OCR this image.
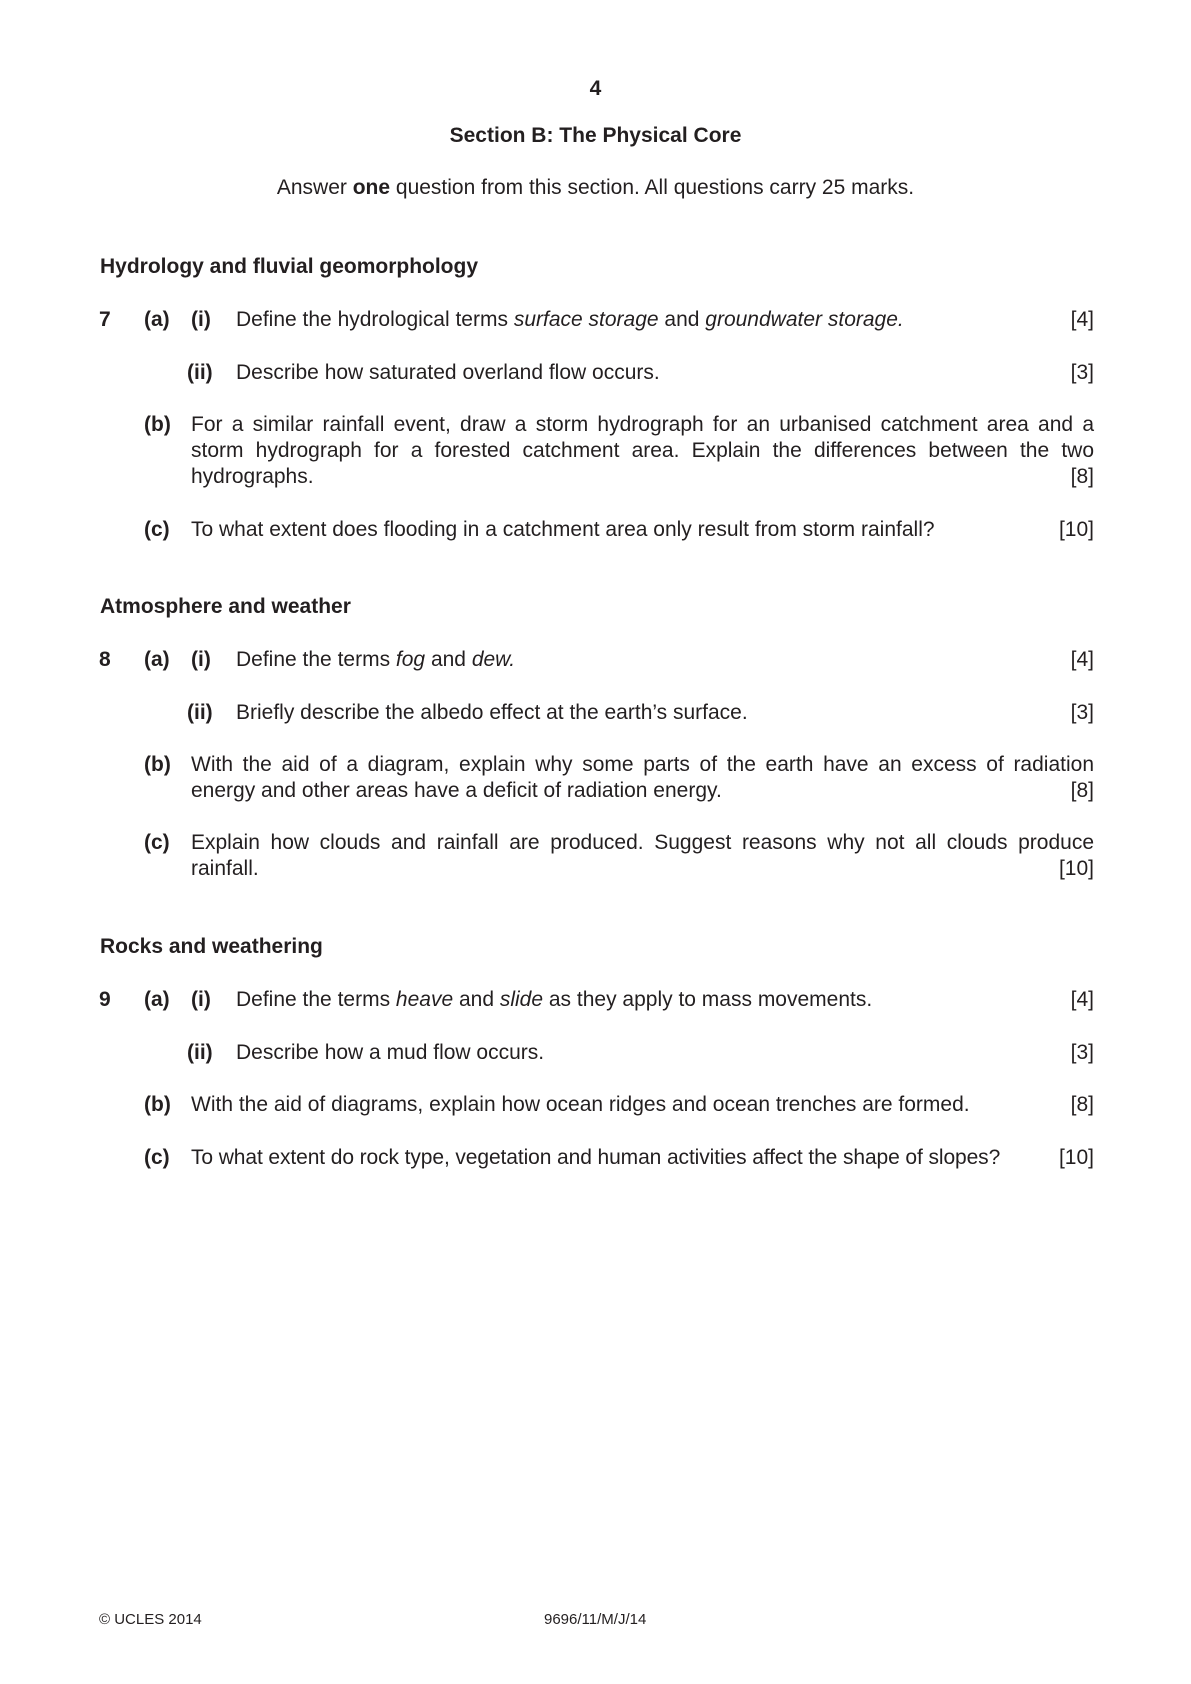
4
Section B: The Physical Core
Answer one question from this section. All questions carry 25 marks.
Hydrology and fluvial geomorphology
7 (a) (i) Define the hydrological terms surface storage and groundwater storage.	[4]
(ii) Describe how saturated overland flow occurs.	[3]
(b) For a similar rainfall event, draw a storm hydrograph for an urbanised catchment area and a storm hydrograph for a forested catchment area. Explain the differences between the two hydrographs.	[8]
(c) To what extent does flooding in a catchment area only result from storm rainfall?	[10]
Atmosphere and weather
8 (a) (i) Define the terms fog and dew.	[4]
(ii) Briefly describe the albedo effect at the earth’s surface.	[3]
(b) With the aid of a diagram, explain why some parts of the earth have an excess of radiation energy and other areas have a deficit of radiation energy.	[8]
(c) Explain how clouds and rainfall are produced. Suggest reasons why not all clouds produce rainfall.	[10]
Rocks and weathering
9 (a) (i) Define the terms heave and slide as they apply to mass movements.	[4]
(ii) Describe how a mud flow occurs.	[3]
(b) With the aid of diagrams, explain how ocean ridges and ocean trenches are formed.	[8]
(c) To what extent do rock type, vegetation and human activities affect the shape of slopes?	[10]
© UCLES 2014	9696/11/M/J/14
